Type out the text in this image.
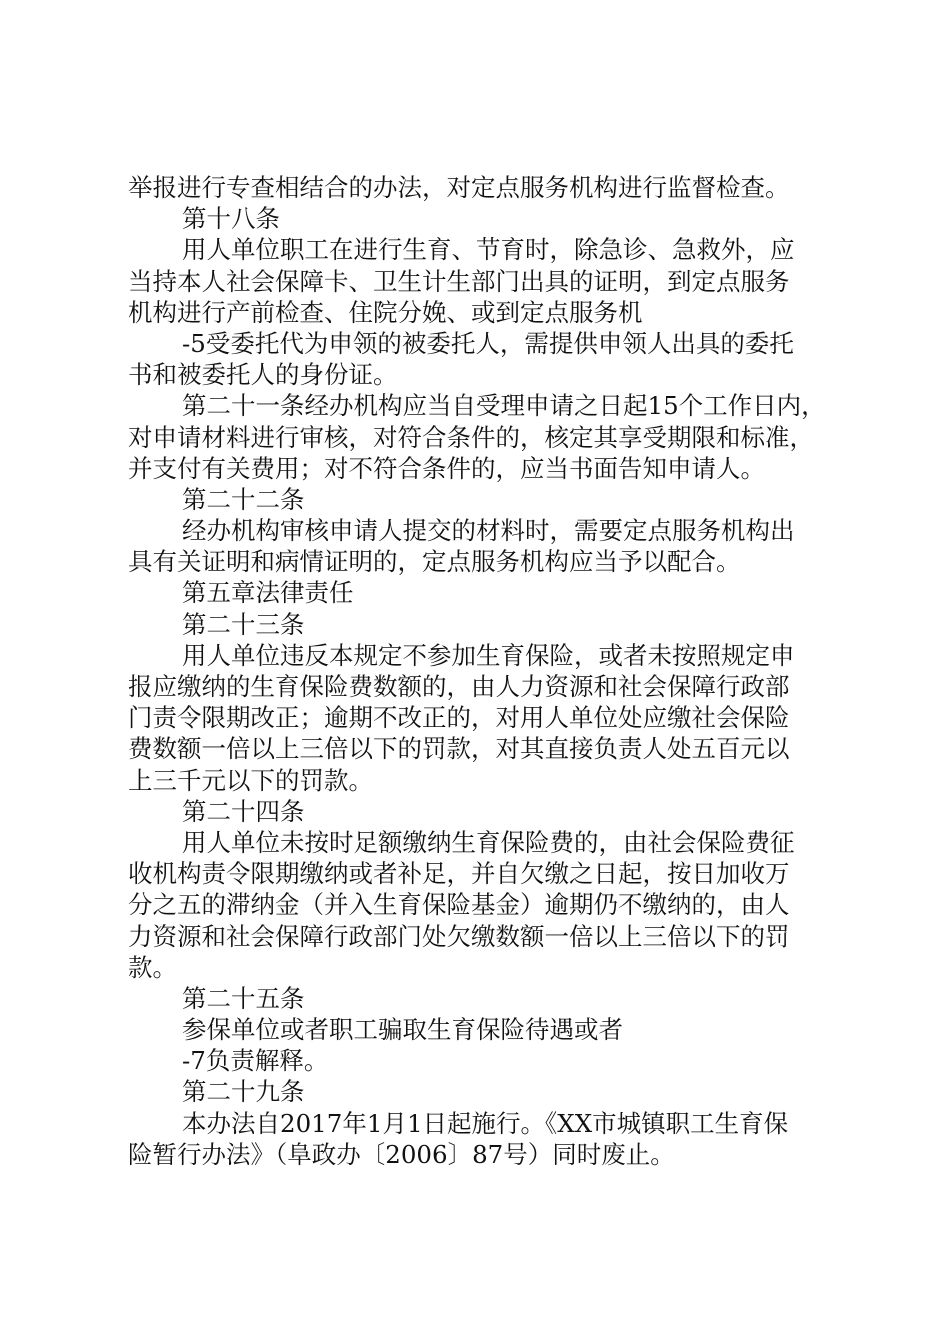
举报进行专查相结合的办法，对定点服务机构进行监督检查。
第十八条
用人单位职工在进行生育、节育时，除急诊、急救外，应
当持本人社会保障卡、卫生计生部门出具的证明，到定点服务
机构进行产前检查、住院分娩、或到定点服务机
-5受委托代为申领的被委托人，需提供申领人出具的委托
书和被委托人的身份证。
第二十一条经办机构应当自受理申请之日起15个工作日内，
对申请材料进行审核，对符合条件的，核定其享受期限和标准，
并支付有关费用；对不符合条件的，应当书面告知申请人。
第二十二条
经办机构审核申请人提交的材料时，需要定点服务机构出
具有关证明和病情证明的，定点服务机构应当予以配合。
第五章法律责任
第二十三条
用人单位违反本规定不参加生育保险，或者未按照规定申
报应缴纳的生育保险费数额的，由人力资源和社会保障行政部
门责令限期改正；逾期不改正的，对用人单位处应缴社会保险
费数额一倍以上三倍以下的罚款，对其直接负责人处五百元以
上三千元以下的罚款。
第二十四条
用人单位未按时足额缴纳生育保险费的，由社会保险费征
收机构责令限期缴纳或者补足，并自欠缴之日起，按日加收万
分之五的滞纳金（并入生育保险基金）逾期仍不缴纳的，由人
力资源和社会保障行政部门处欠缴数额一倍以上三倍以下的罚
款。
第二十五条
参保单位或者职工骗取生育保险待遇或者
-7负责解释。
第二十九条
本办法自2017年1月1日起施行。《XX市城镇职工生育保
险暂行办法》（阜政办〔2006〕87号）同时废止。
